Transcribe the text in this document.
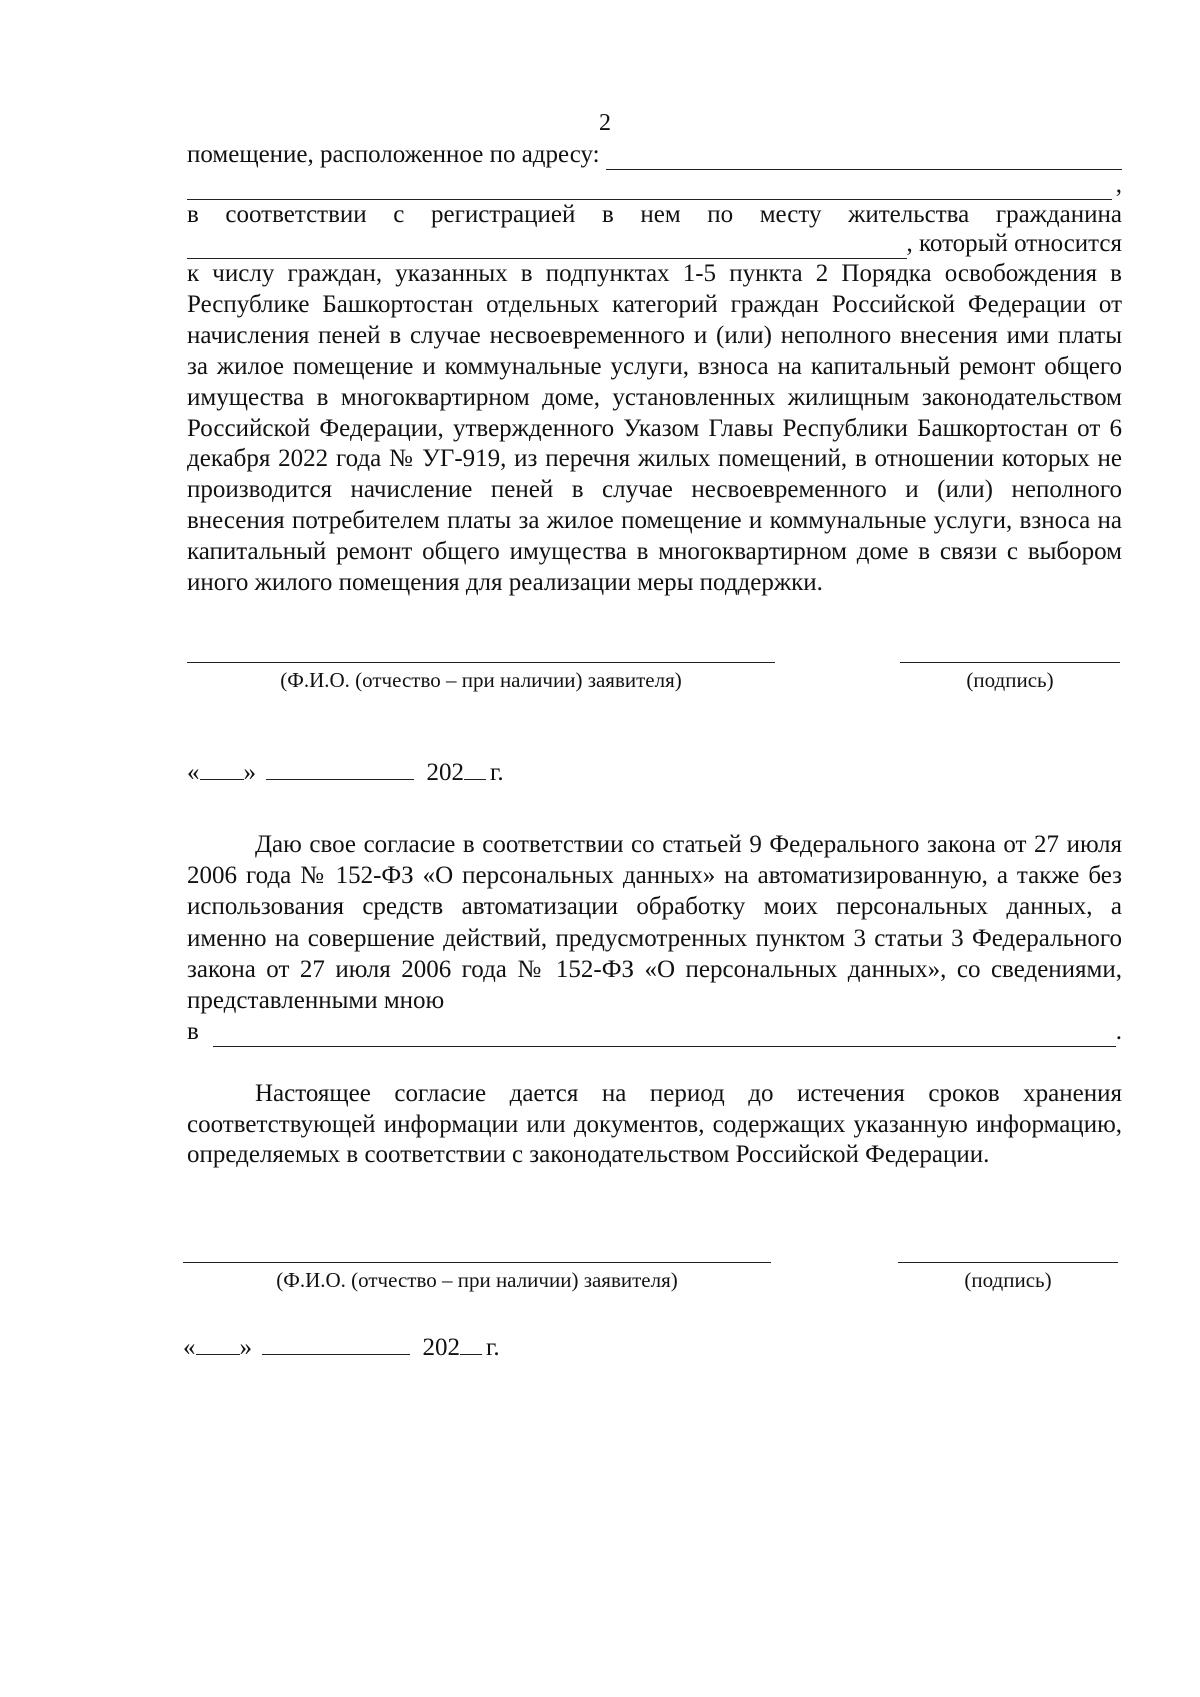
2
помещение, расположенное по адресу:
,
в соответствии с регистрацией в нем по месту жительства гражданина
, который относится
к числу граждан, указанных в подпунктах 1-5 пункта 2 Порядка освобождения в Республике Башкортостан отдельных категорий граждан Российской Федерации от начисления пеней в случае несвоевременного и (или) неполного внесения ими платы за жилое помещение и коммунальные услуги, взноса на капитальный ремонт общего имущества в многоквартирном доме, установленных жилищным законодательством Российской Федерации, утвержденного Указом Главы Республики Башкортостан от 6 декабря 2022 года № УГ-919, из перечня жилых помещений, в отношении которых не производится начисление пеней в случае несвоевременного и (или) неполного внесения потребителем платы за жилое помещение и коммунальные услуги, взноса на капитальный ремонт общего имущества в многоквартирном доме в связи с выбором иного жилого помещения для реализации меры поддержки.
(Ф.И.О. (отчество – при наличии) заявителя)	(подпись)
« »	202 г.
Даю свое согласие в соответствии со статьей 9 Федерального закона от 27 июля 2006 года № 152-ФЗ «О персональных данных» на автоматизированную, а также без использования средств автоматизации обработку моих персональных данных, а именно на совершение действий, предусмотренных пунктом 3 статьи 3 Федерального закона от 27 июля 2006 года № 152-ФЗ «О персональных данных», со сведениями, представленными мною
в	.
Настоящее согласие дается на период до истечения сроков хранения соответствующей информации или документов, содержащих указанную информацию, определяемых в соответствии с законодательством Российской Федерации.
(Ф.И.О. (отчество – при наличии) заявителя)	(подпись)
« »	202 г.
